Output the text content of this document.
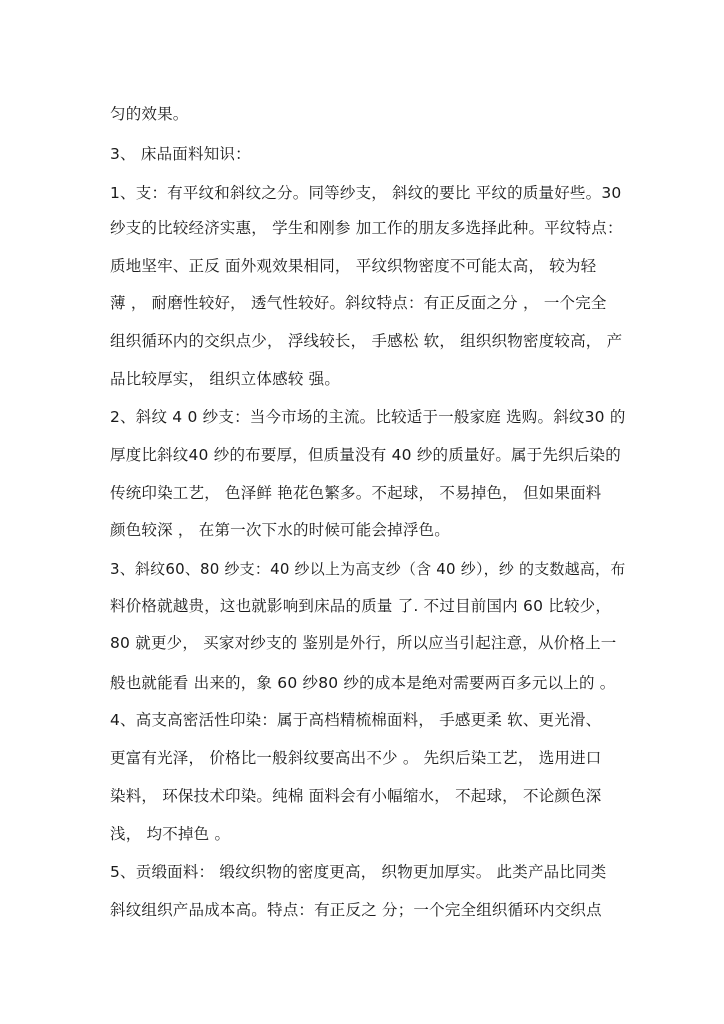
匀的效果。
3、 床品面料知识：
1、支：有平纹和斜纹之分。同等纱支， 斜纹的要比 平纹的质量好些。30
纱支的比较经济实惠， 学生和刚参 加工作的朋友多选择此种。平纹特点：
质地坚牢、正反 面外观效果相同， 平纹织物密度不可能太高， 较为轻
薄 ， 耐磨性较好， 透气性较好。斜纹特点：有正反面之分 ， 一个完全
组织循环内的交织点少， 浮线较长， 手感松 软， 组织织物密度较高， 产
品比较厚实， 组织立体感较 强。
2、斜纹 4 0 纱支：当今市场的主流。比较适于一般家庭 选购。斜纹30 的
厚度比斜纹40 纱的布要厚，但质量没有 40 纱的质量好。属于先织后染的
传统印染工艺， 色泽鲜 艳花色繁多。不起球， 不易掉色， 但如果面料
颜色较深 ， 在第一次下水的时候可能会掉浮色。
3、斜纹60、80 纱支：40 纱以上为高支纱（含 40 纱），纱 的支数越高，布
料价格就越贵，这也就影响到床品的质量 了. 不过目前国内 60 比较少，
80 就更少， 买家对纱支的 鉴别是外行，所以应当引起注意，从价格上一
般也就能看 出来的，象 60 纱80 纱的成本是绝对需要两百多元以上的 。
4、高支高密活性印染：属于高档精梳棉面料， 手感更柔 软、更光滑、
更富有光泽， 价格比一般斜纹要高出不少 。 先织后染工艺， 选用进口
染料， 环保技术印染。纯棉 面料会有小幅缩水， 不起球， 不论颜色深
浅， 均不掉色 。
5、贡缎面料： 缎纹织物的密度更高， 织物更加厚实。 此类产品比同类
斜纹组织产品成本高。特点：有正反之 分；一个完全组织循环内交织点
